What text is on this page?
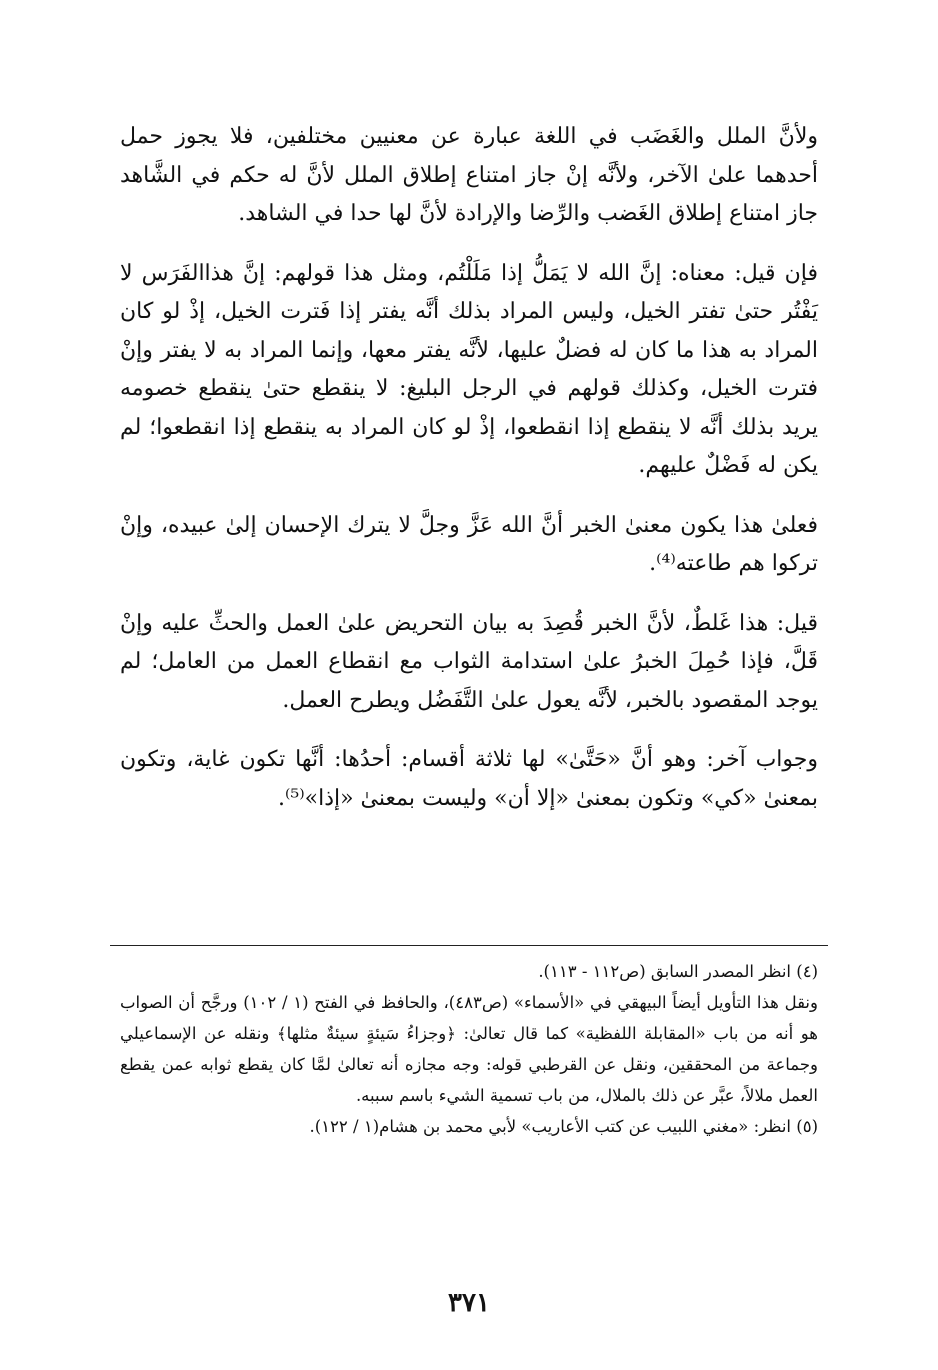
ولأنَّ الملل والغَضَب في اللغة عبارة عن معنيين مختلفين، فلا يجوز حمل أحدهما علىٰ الآخر، ولأنَّه إنْ جاز امتناع إطلاق الملل لأنَّ له حكم في الشَّاهد جاز امتناع إطلاق الغَضب والرِّضا والإرادة لأنَّ لها حدا في الشاهد.

فإن قيل: معناه: إنَّ الله لا يَمَلُّ إذا مَلَلْتُم، ومثل هذا قولهم: إنَّ هذاالفَرَس لا يَفْتُر حتىٰ تفتر الخيل، وليس المراد بذلك أنَّه يفتر إذا فَترت الخيل، إذْ لو كان المراد به هذا ما كان له فضلٌ عليها، لأنَّه يفتر معها، وإنما المراد به لا يفتر وإنْ فترت الخيل، وكذلك قولهم في الرجل البليغ: لا ينقطع حتىٰ ينقطع خصومه يريد بذلك أنَّه لا ينقطع إذا انقطعوا، إذْ لو كان المراد به ينقطع إذا انقطعوا؛ لم يكن له فَضْلٌ عليهم.

فعلىٰ هذا يكون معنىٰ الخبر أنَّ الله عَزَّ وجلَّ لا يترك الإحسان إلىٰ عبيده، وإنْ تركوا هم طاعته⁽⁴⁾.

قيل: هذا غَلطٌ، لأنَّ الخبر قُصِدَ به بيان التحريض علىٰ العمل والحثِّ عليه وإنْ قَلَّ، فإذا حُمِلَ الخبرُ علىٰ استدامة الثواب مع انقطاع العمل من العامل؛ لم يوجد المقصود بالخبر، لأنَّه يعول علىٰ التَّفَضُل ويطرح العمل.

وجواب آخر: وهو أنَّ «حَتَّىٰ» لها ثلاثة أقسام: أحدُها: أنَّها تكون غاية، وتكون بمعنىٰ «كي» وتكون بمعنىٰ «إلا أن» وليست بمعنىٰ «إذا»⁽⁵⁾.

(٤) انظر المصدر السابق (ص١١٢ - ١١٣).

ونقل هذا التأويل أيضاً البيهقي في «الأسماء» (ص٤٨٣)، والحافظ في الفتح (١ / ١٠٢) ورجَّح أن الصواب هو أنه من باب «المقابلة اللفظية» كما قال تعالىٰ: ﴿وجزاءُ سَيئةٍ سيئةٌ مثلها﴾ ونقله عن الإسماعيلي وجماعة من المحققين، ونقل عن القرطبي قوله: وجه مجازه أنه تعالىٰ لمَّا كان يقطع ثوابه عمن يقطع العمل ملالاً، عبَّر عن ذلك بالملال، من باب تسمية الشيء باسم سببه.

(٥) انظر: «مغني اللبيب عن كتب الأعاريب» لأبي محمد بن هشام(١ / ١٢٢).

٣٧١
